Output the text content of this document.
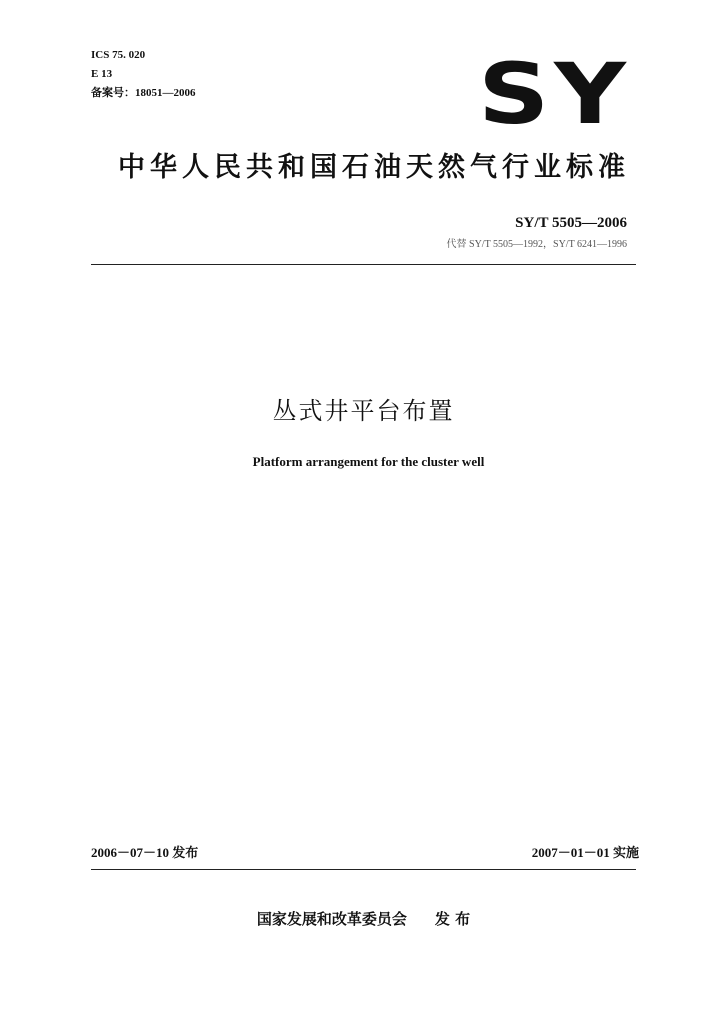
ICS 75. 020
E 13
备案号：18051—2006	SY
中华人民共和国石油天然气行业标准
SY/T 5505—2006
代替 SY/T 5505—1992，SY/T 6241—1996
丛式井平台布置
Platform arrangement for the cluster well
2006－07－10 发布	2007－01－01 实施
国家发展和改革委员会 发 布
